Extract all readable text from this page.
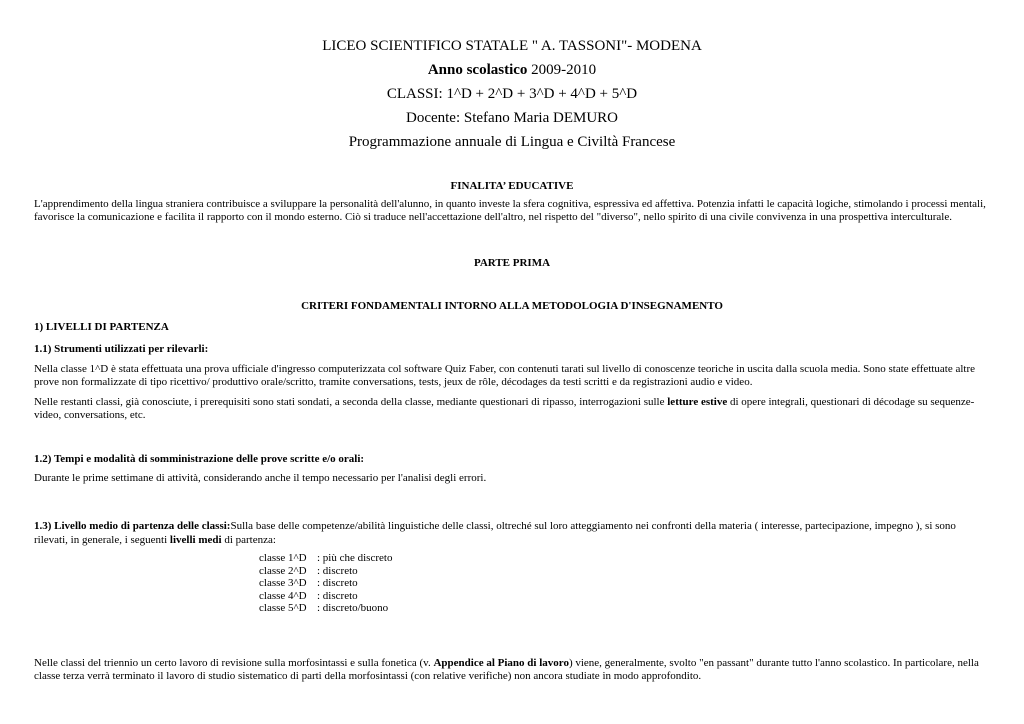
LICEO SCIENTIFICO STATALE " A. TASSONI"- MODENA

Anno scolastico 2009-2010

CLASSI: 1^D + 2^D + 3^D + 4^D + 5^D

Docente: Stefano Maria DEMURO

Programmazione annuale di Lingua e Civiltà Francese

FINALITA’ EDUCATIVE

L'apprendimento della lingua straniera contribuisce a sviluppare la personalità dell'alunno, in quanto investe la sfera cognitiva, espressiva ed affettiva. Potenzia infatti le capacità logiche, stimolando i processi mentali, favorisce la comunicazione e facilita il rapporto con il mondo esterno. Ciò si traduce nell'accettazione dell'altro, nel rispetto del "diverso", nello spirito di una civile convivenza in una prospettiva interculturale.

PARTE PRIMA

CRITERI FONDAMENTALI INTORNO ALLA METODOLOGIA D'INSEGNAMENTO

1) LIVELLI DI PARTENZA

1.1) Strumenti utilizzati per rilevarli:

Nella classe 1^D è stata effettuata una prova ufficiale d'ingresso computerizzata col software Quiz Faber, con contenuti tarati sul livello di conoscenze teoriche in uscita dalla scuola media. Sono state effettuate altre prove non formalizzate di tipo ricettivo/ produttivo orale/scritto, tramite conversations, tests, jeux de rôle, décodages da testi scritti e da registrazioni audio e video.

Nelle restanti classi, già conosciute, i prerequisiti sono stati sondati, a seconda della classe, mediante questionari di ripasso, interrogazioni sulle letture estive di opere integrali, questionari di décodage su sequenze-video, conversations, etc.

1.2) Tempi e modalità di somministrazione delle prove scritte e/o orali:

Durante le prime settimane di attività, considerando anche il tempo necessario per l'analisi degli errori.

1.3) Livello medio di partenza delle classi:Sulla base delle competenze/abilità linguistiche delle classi, oltreché sul loro atteggiamento nei confronti della materia ( interesse, partecipazione, impegno ), si sono rilevati, in generale, i seguenti livelli medi di partenza:

classe 1^D : più che discreto
classe 2^D : discreto
classe 3^D : discreto
classe 4^D : discreto
classe 5^D : discreto/buono

Nelle classi del triennio un certo lavoro di revisione sulla morfosintassi e sulla fonetica (v. Appendice al Piano di lavoro) viene, generalmente, svolto "en passant" durante tutto l'anno scolastico. In particolare, nella classe terza verrà terminato il lavoro di studio sistematico di parti della morfosintassi (con relative verifiche) non ancora studiate in modo approfondito.
